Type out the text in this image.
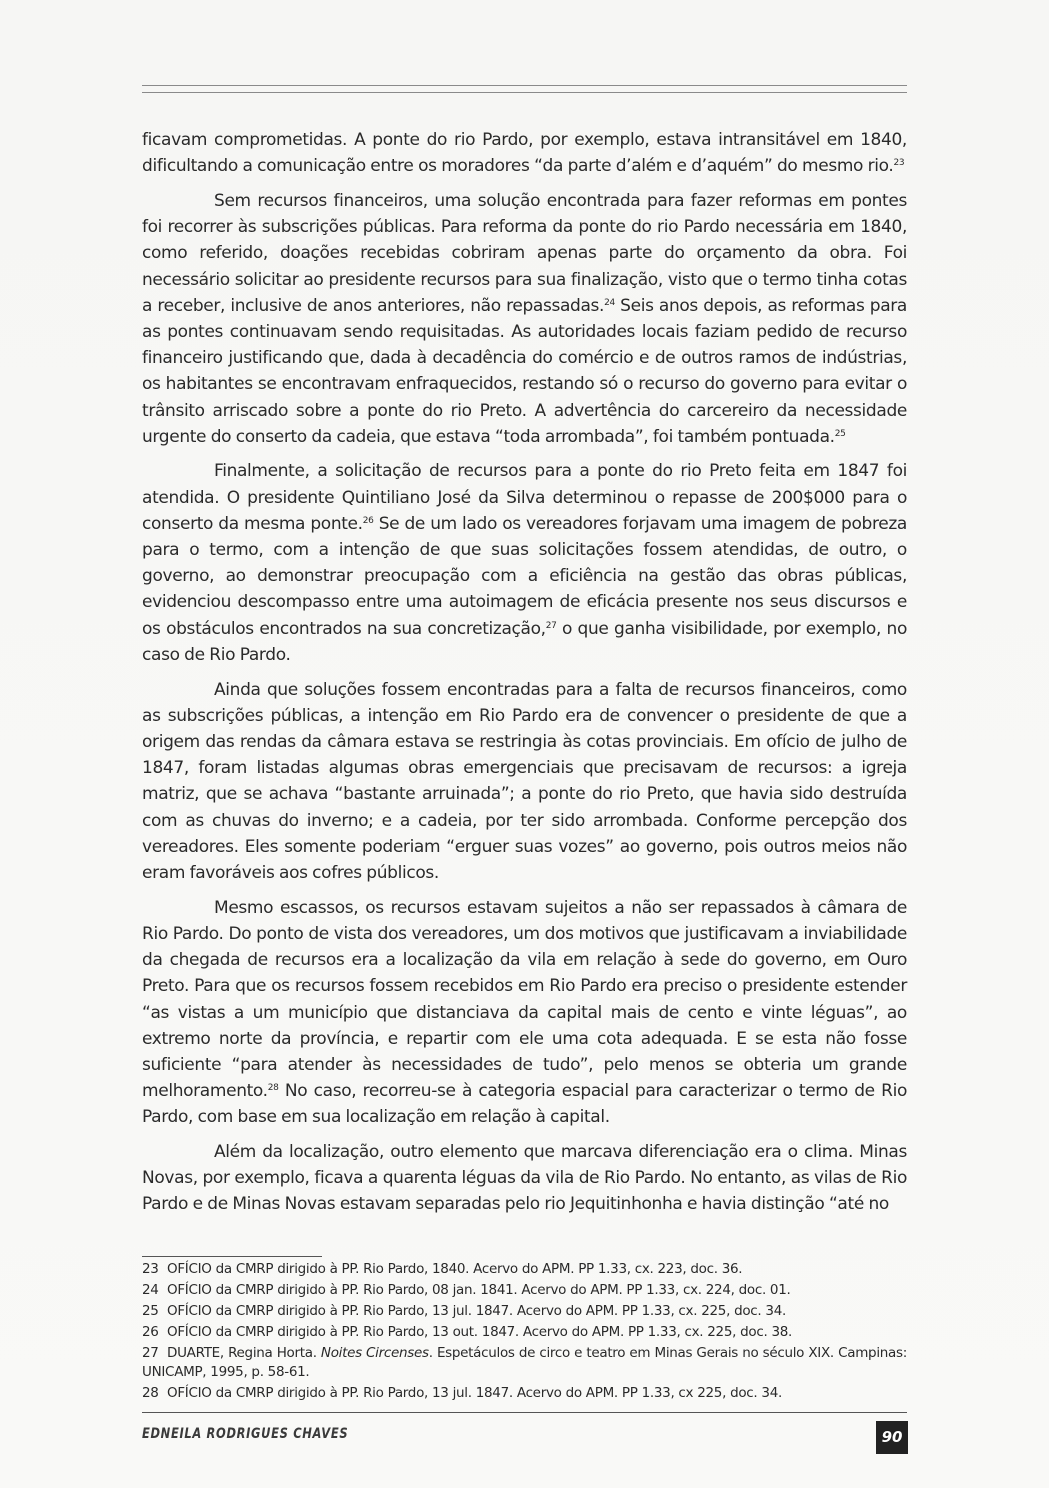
ficavam comprometidas. A ponte do rio Pardo, por exemplo, estava intransitável em 1840, dificultando a comunicação entre os moradores “da parte d’além e d’aquém” do mesmo rio.$^{23}$

Sem recursos financeiros, uma solução encontrada para fazer reformas em pontes foi recorrer às subscrições públicas. Para reforma da ponte do rio Pardo necessária em 1840, como referido, doações recebidas cobriram apenas parte do orçamento da obra. Foi necessário solicitar ao presidente recursos para sua finalização, visto que o termo tinha cotas a receber, inclusive de anos anteriores, não repassadas.$^{24}$ Seis anos depois, as reformas para as pontes continuavam sendo requisitadas. As autoridades locais faziam pedido de recurso financeiro justificando que, dada à decadência do comércio e de outros ramos de indústrias, os habitantes se encontravam enfraquecidos, restando só o recurso do governo para evitar o trânsito arriscado sobre a ponte do rio Preto. A advertência do carcereiro da necessidade urgente do conserto da cadeia, que estava “toda arrombada”, foi também pontuada.$^{25}$

Finalmente, a solicitação de recursos para a ponte do rio Preto feita em 1847 foi atendida. O presidente Quintiliano José da Silva determinou o repasse de 200$000 para o conserto da mesma ponte.$^{26}$ Se de um lado os vereadores forjavam uma imagem de pobreza para o termo, com a intenção de que suas solicitações fossem atendidas, de outro, o governo, ao demonstrar preocupação com a eficiência na gestão das obras públicas, evidenciou descompasso entre uma autoimagem de eficácia presente nos seus discursos e os obstáculos encontrados na sua concretização,$^{27}$ o que ganha visibilidade, por exemplo, no caso de Rio Pardo.

Ainda que soluções fossem encontradas para a falta de recursos financeiros, como as subscrições públicas, a intenção em Rio Pardo era de convencer o presidente de que a origem das rendas da câmara estava se restringia às cotas provinciais. Em ofício de julho de 1847, foram listadas algumas obras emergenciais que precisavam de recursos: a igreja matriz, que se achava “bastante arruinada”; a ponte do rio Preto, que havia sido destruída com as chuvas do inverno; e a cadeia, por ter sido arrombada. Conforme percepção dos vereadores. Eles somente poderiam “erguer suas vozes” ao governo, pois outros meios não eram favoráveis aos cofres públicos.

Mesmo escassos, os recursos estavam sujeitos a não ser repassados à câmara de Rio Pardo. Do ponto de vista dos vereadores, um dos motivos que justificavam a inviabilidade da chegada de recursos era a localização da vila em relação à sede do governo, em Ouro Preto. Para que os recursos fossem recebidos em Rio Pardo era preciso o presidente estender “as vistas a um município que distanciava da capital mais de cento e vinte léguas”, ao extremo norte da província, e repartir com ele uma cota adequada. E se esta não fosse suficiente “para atender às necessidades de tudo”, pelo menos se obteria um grande melhoramento.$^{28}$ No caso, recorreu-se à categoria espacial para caracterizar o termo de Rio Pardo, com base em sua localização em relação à capital.

Além da localização, outro elemento que marcava diferenciação era o clima. Minas Novas, por exemplo, ficava a quarenta léguas da vila de Rio Pardo. No entanto, as vilas de Rio Pardo e de Minas Novas estavam separadas pelo rio Jequitinhonha e havia distinção “até no

23 OFÍCIO da CMRP dirigido à PP. Rio Pardo, 1840. Acervo do APM. PP 1.33, cx. 223, doc. 36.

24 OFÍCIO da CMRP dirigido à PP. Rio Pardo, 08 jan. 1841. Acervo do APM. PP 1.33, cx. 224, doc. 01.

25 OFÍCIO da CMRP dirigido à PP. Rio Pardo, 13 jul. 1847. Acervo do APM. PP 1.33, cx. 225, doc. 34.

26 OFÍCIO da CMRP dirigido à PP. Rio Pardo, 13 out. 1847. Acervo do APM. PP 1.33, cx. 225, doc. 38.

27 DUARTE, Regina Horta. Noites Circenses. Espetáculos de circo e teatro em Minas Gerais no século XIX. Campinas: UNICAMP, 1995, p. 58-61.

28 OFÍCIO da CMRP dirigido à PP. Rio Pardo, 13 jul. 1847. Acervo do APM. PP 1.33, cx 225, doc. 34.

EDNEILA RODRIGUES CHAVES	90
